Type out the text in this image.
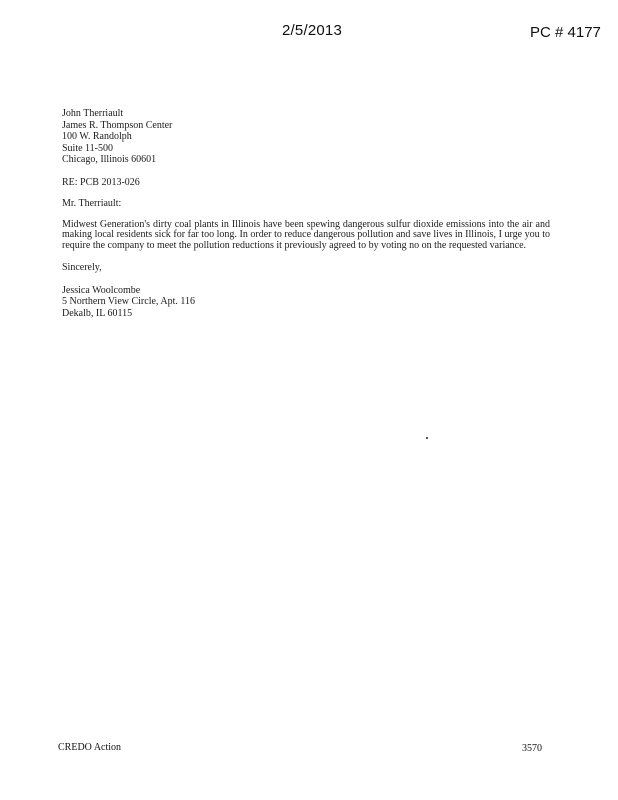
2/5/2013	PC # 4177
John Therriault
James R. Thompson Center
100 W. Randolph
Suite 11-500
Chicago, Illinois 60601
RE: PCB 2013-026
Mr. Therriault:
Midwest Generation's dirty coal plants in Illinois have been spewing dangerous sulfur dioxide emissions into the air and making local residents sick for far too long. In order to reduce dangerous pollution and save lives in Illinois, I urge you to require the company to meet the pollution reductions it previously agreed to by voting no on the requested variance.
Sincerely,
Jessica Woolcombe
5 Northern View Circle, Apt. 116
Dekalb, IL 60115
CREDO Action	3570
